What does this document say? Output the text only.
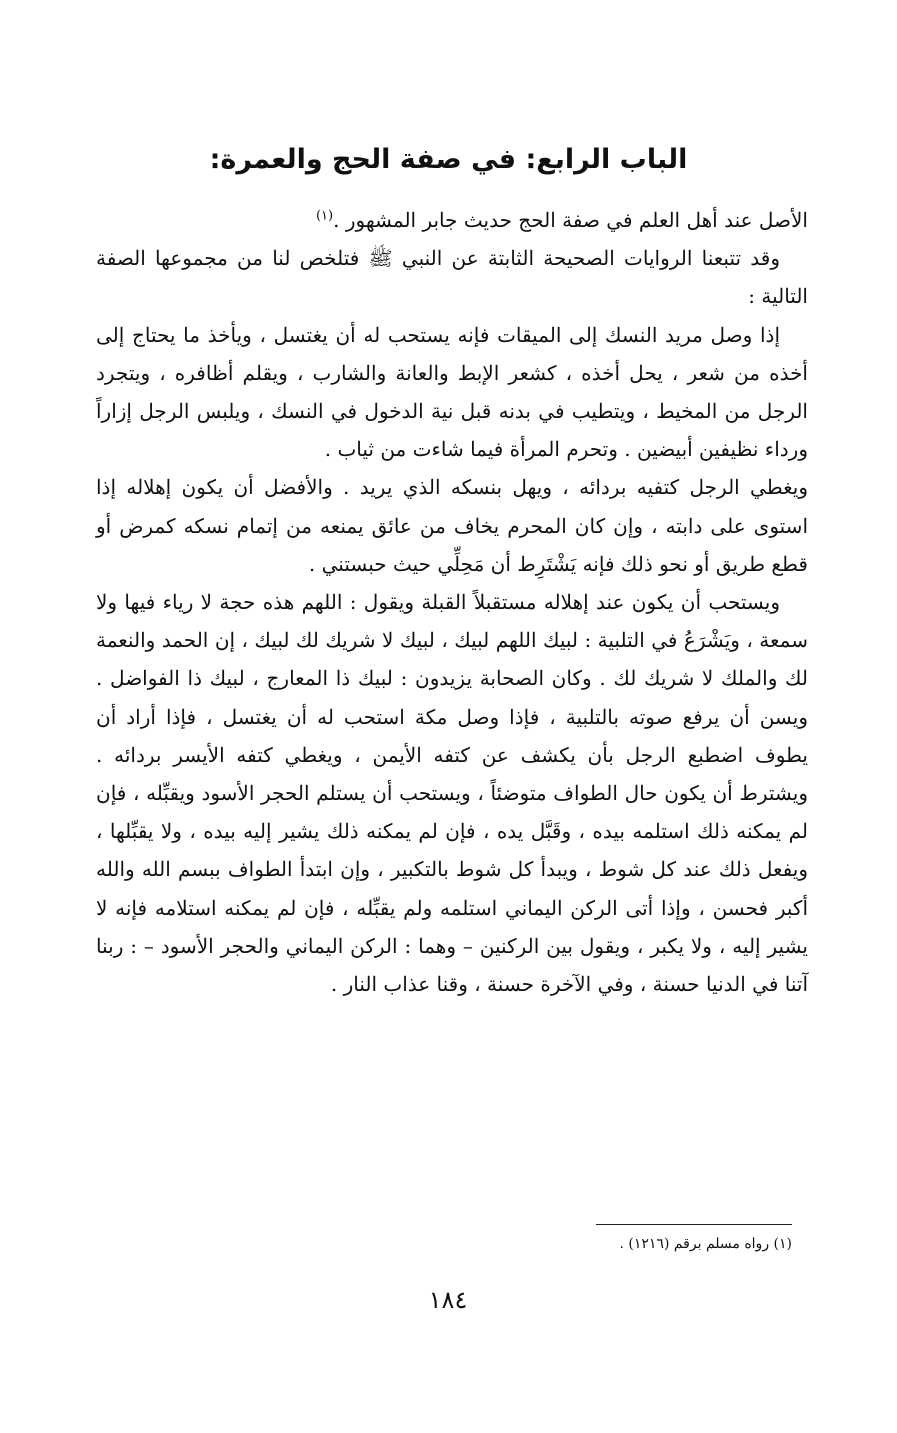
الباب الرابع: في صفة الحج والعمرة:

الأصل عند أهل العلم في صفة الحج حديث جابر المشهور .$^{(١)}$

وقد تتبعنا الروايات الصحيحة الثابتة عن النبي ﷺ فتلخص لنا من مجموعها الصفة التالية :

إذا وصل مريد النسك إلى الميقات فإنه يستحب له أن يغتسل ، ويأخذ ما يحتاج إلى أخذه من شعر ، يحل أخذه ، كشعر الإبط والعانة والشارب ، ويقلم أظافره ، ويتجرد الرجل من المخيط ، ويتطيب في بدنه قبل نية الدخول في النسك ، ويلبس الرجل إزاراً ورداء نظيفين أبيضين . وتحرم المرأة فيما شاءت من ثياب .

ويغطي الرجل كتفيه بردائه ، ويهل بنسكه الذي يريد . والأفضل أن يكون إهلاله إذا استوى على دابته ، وإن كان المحرم يخاف من عائق يمنعه من إتمام نسكه كمرض أو قطع طريق أو نحو ذلك فإنه يَشْتَرِط أن مَحِلِّي حيث حبستني .

ويستحب أن يكون عند إهلاله مستقبلاً القبلة ويقول : اللهم هذه حجة لا رياء فيها ولا سمعة ، ويَشْرَعُ في التلبية : لبيك اللهم لبيك ، لبيك لا شريك لك لبيك ، إن الحمد والنعمة لك والملك لا شريك لك . وكان الصحابة يزيدون : لبيك ذا المعارج ، لبيك ذا الفواضل . ويسن أن يرفع صوته بالتلبية ، فإذا وصل مكة استحب له أن يغتسل ، فإذا أراد أن يطوف اضطبع الرجل بأن يكشف عن كتفه الأيمن ، ويغطي كتفه الأيسر بردائه . ويشترط أن يكون حال الطواف متوضئاً ، ويستحب أن يستلم الحجر الأسود ويقبِّله ، فإن لم يمكنه ذلك استلمه بيده ، وقَبَّل يده ، فإن لم يمكنه ذلك يشير إليه بيده ، ولا يقبِّلها ، ويفعل ذلك عند كل شوط ، ويبدأ كل شوط بالتكبير ، وإن ابتدأ الطواف ببسم الله والله أكبر فحسن ، وإذا أتى الركن اليماني استلمه ولم يقبِّله ، فإن لم يمكنه استلامه فإنه لا يشير إليه ، ولا يكبر ، ويقول بين الركنين – وهما : الركن اليماني والحجر الأسود – : ربنا آتنا في الدنيا حسنة ، وفي الآخرة حسنة ، وقنا عذاب النار .

(١) رواه مسلم برقم (١٢١٦) .
١٨٤
